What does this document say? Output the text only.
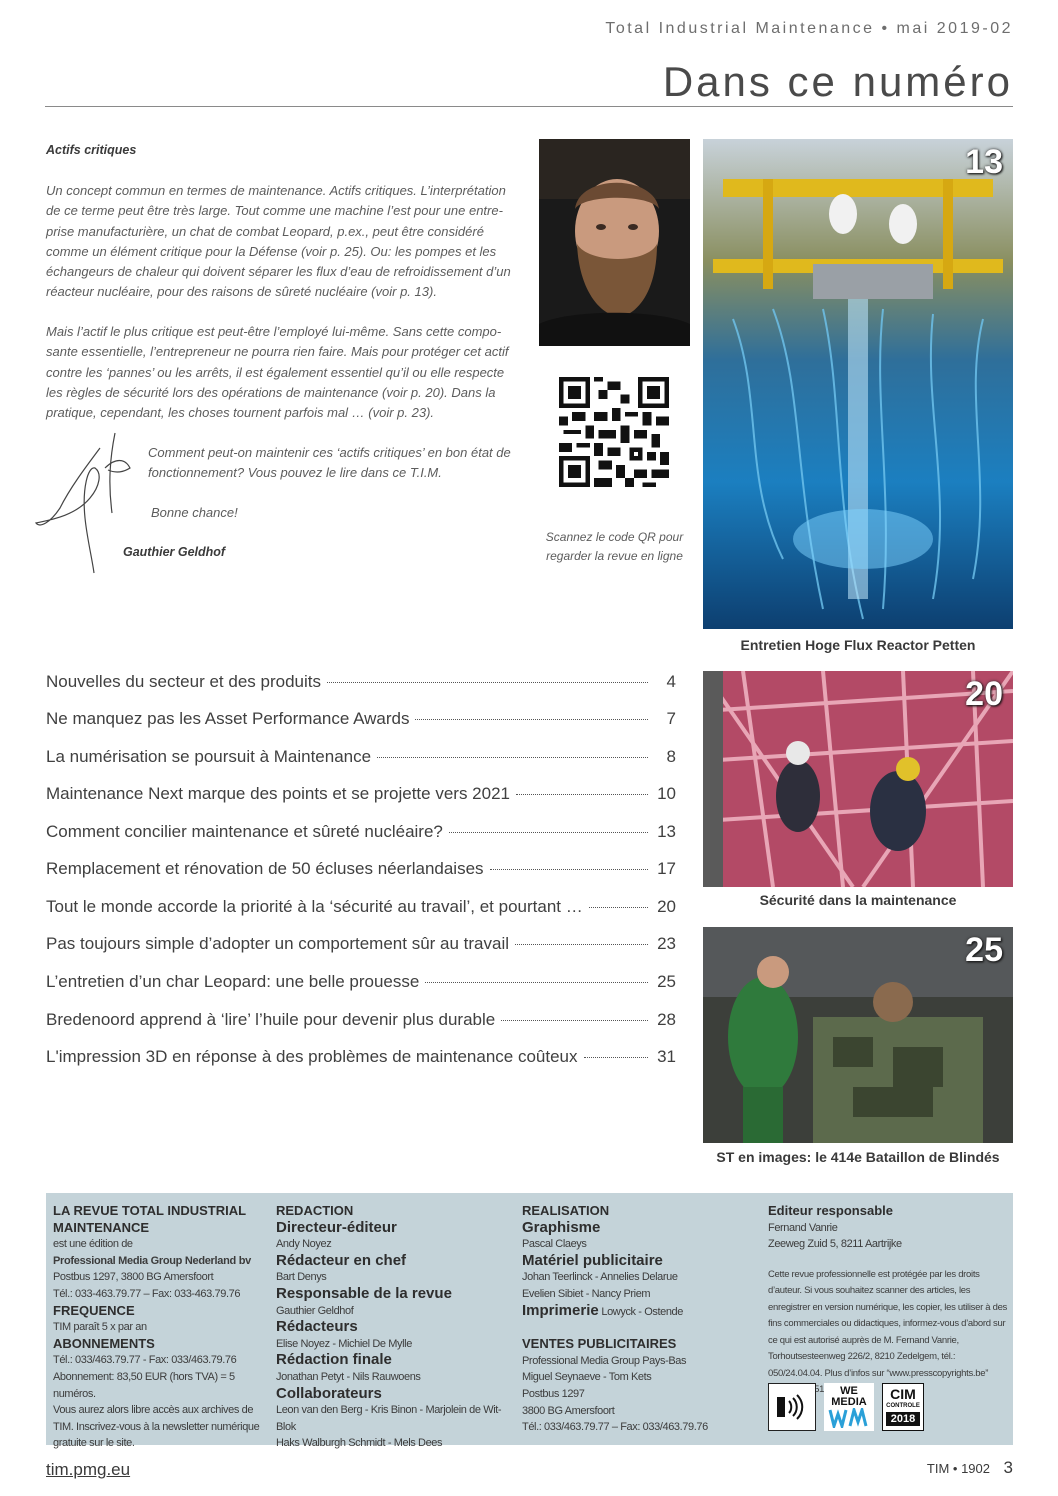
Total Industrial Maintenance • mai 2019-02
Dans ce numéro
Actifs critiques
Un concept commun en termes de maintenance. Actifs critiques. L’interprétation de ce terme peut être très large. Tout comme une machine l’est pour une entre-prise manufacturière, un chat de combat Leopard, p.ex., peut être considéré comme un élément critique pour la Défense (voir p. 25). Ou: les pompes et les échangeurs de chaleur qui doivent séparer les flux d’eau de refroidissement d’un réacteur nucléaire, pour des raisons de sûreté nucléaire (voir p. 13).
Mais l’actif le plus critique est peut-être l’employé lui-même. Sans cette compo-sante essentielle, l’entrepreneur ne pourra rien faire. Mais pour protéger cet actif contre les ‘pannes’ ou les arrêts, il est également essentiel qu’il ou elle respecte les règles de sécurité lors des opérations de maintenance (voir p. 20). Dans la pratique, cependant, les choses tournent parfois mal … (voir p. 23).
Comment peut-on maintenir ces ‘actifs critiques’ en bon état de fonctionnement? Vous pouvez le lire dans ce T.I.M.
Bonne chance!
Gauthier Geldhof
Scannez le code QR pour regarder la revue en ligne
13
Entretien Hoge Flux Reactor Petten
20
Sécurité dans la maintenance
25
ST en images: le 414e Bataillon de Blindés
Nouvelles du secteur et des produits	4
Ne manquez pas les Asset Performance Awards	7
La numérisation se poursuit à Maintenance	8
Maintenance Next marque des points et se projette vers 2021	10
Comment concilier maintenance et sûreté nucléaire?	13
Remplacement et rénovation de 50 écluses néerlandaises	17
Tout le monde accorde la priorité à la ‘sécurité au travail’, et pourtant …	20
Pas toujours simple d’adopter un comportement sûr au travail	23
L’entretien d’un char Leopard: une belle prouesse	25
Bredenoord apprend à ‘lire’ l’huile pour devenir plus durable	28
L'impression 3D en réponse à des problèmes de maintenance coûteux	31
LA REVUE TOTAL INDUSTRIAL
MAINTENANCE
est une édition de
Professional Media Group Nederland bv
Postbus 1297, 3800 BG Amersfoort
Tél.: 033-463.79.77 – Fax: 033-463.79.76
FREQUENCE
TIM paraît 5 x par an
ABONNEMENTS
Tél.: 033/463.79.77 - Fax: 033/463.79.76
Abonnement: 83,50 EUR (hors TVA) = 5 numéros.
Vous aurez alors libre accès aux archives de
TIM. Inscrivez-vous à la newsletter numérique
gratuite sur le site.
REDACTION
Directeur-éditeur
Andy Noyez
Rédacteur en chef
Bart Denys
Responsable de la revue
Gauthier Geldhof
Rédacteurs
Elise Noyez - Michiel De Mylle
Rédaction finale
Jonathan Petyt - Nils Rauwoens
Collaborateurs
Leon van den Berg - Kris Binon - Marjolein de Wit-Blok
Haks Walburgh Schmidt - Mels Dees
REALISATION
Graphisme
Pascal Claeys
Matériel publicitaire
Johan Teerlinck - Annelies Delarue
Evelien Sibiet - Nancy Priem
Imprimerie Lowyck - Ostende
VENTES PUBLICITAIRES
Professional Media Group Pays-Bas
Miguel Seynaeve - Tom Kets
Postbus 1297
3800 BG Amersfoort
Tél.: 033/463.79.77 – Fax: 033/463.79.76
Editeur responsable
Fernand Vanrie
Zeeweg Zuid 5, 8211 Aartrijke
Cette revue professionnelle est protégée par les droits d’auteur. Si vous souhaitez scanner des articles, les enregistrer en version numérique, les copier, les utiliser à des fins commerciales ou didactiques, informez-vous d’abord sur ce qui est autorisé auprès de M. Fernand Vanrie, Torhoutsesteenweg 226/2, 8210 Zedelgem, tél.: 050/24.04.04. Plus d’infos sur “www.presscopyrights.be”
WE
MEDIA	CIM
CONTROLE
2018
tim.pmg.eu	TIM • 1902 3
